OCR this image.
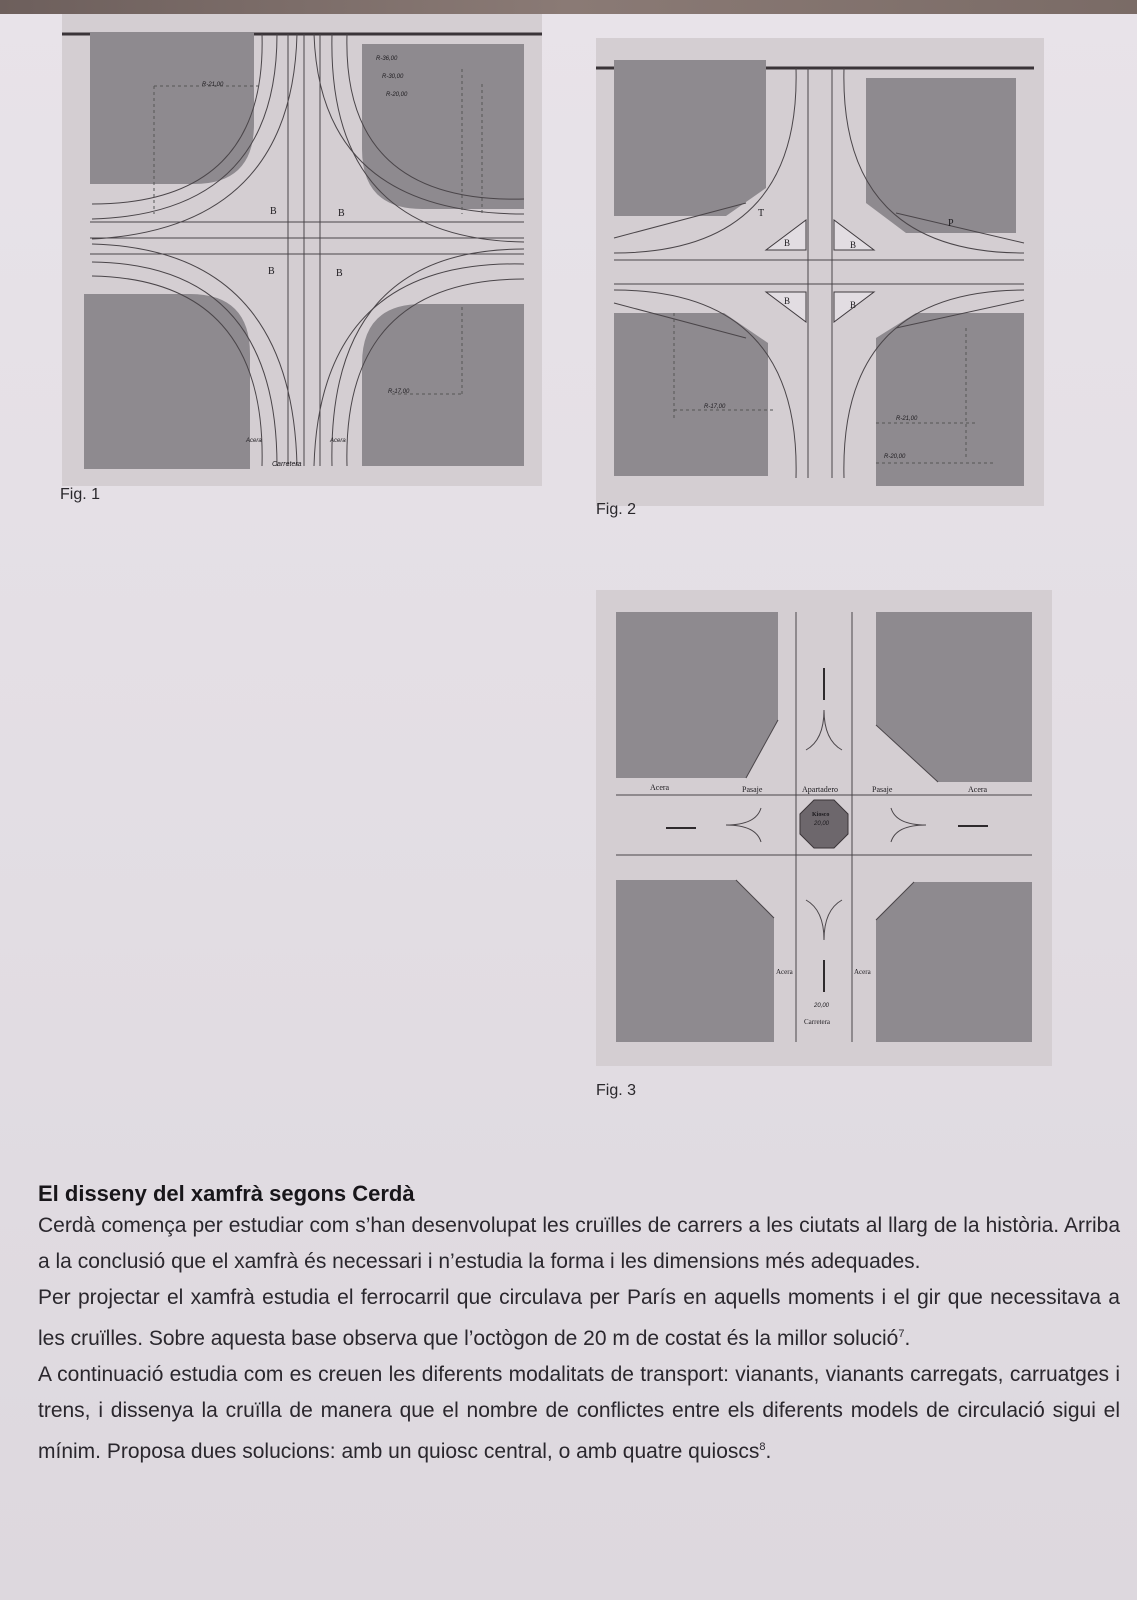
B	B
B	B
R-36,00
R-30,00
R-21,00
R-20,00
R-17,00
Acera	Acera
Carretera
Fig. 1
T
P
B	B
B	B
R-17,00
R-21,00
R-20,00
Fig. 2
Acera	Pasaje	Apartadero	Pasaje	Acera
Kiosco
20,00
Acera	Acera
20,00
Carretera
Fig. 3
El disseny del xamfrà segons Cerdà

Cerdà comença per estudiar com s’han desenvolupat les cruïlles de carrers a les ciutats al llarg de la història. Arriba a la conclusió que el xamfrà és necessari i n’estudia la forma i les dimensions més adequades.

Per projectar el xamfrà estudia el ferrocarril que circulava per París en aquells moments i el gir que necessitava a les cruïlles. Sobre aquesta base observa que l’octògon de 20 m de costat és la millor solució$^7$.

A continuació estudia com es creuen les diferents modalitats de transport: vianants, vianants carregats, carruatges i trens, i dissenya la cruïlla de manera que el nombre de conflictes entre els diferents models de circulació sigui el mínim. Proposa dues solucions: amb un quiosc central, o amb quatre quioscs$^8$.
